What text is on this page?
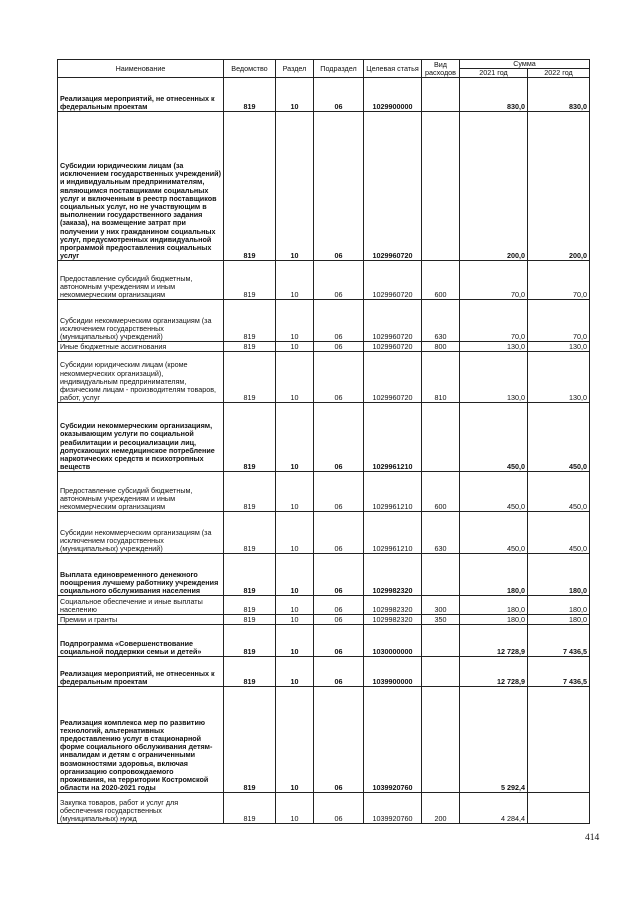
Наименование	Ведомство	Раздел	Подраздел	Целевая статья	Вид расходов	Сумма	
						2021 год	2022 год
Реализация мероприятий, не отнесенных к федеральным проектам	819	10	06	1029900000		830,0	830,0
Субсидии юридическим лицам (за исключением государственных учреждений) и индивидуальным предпринимателям, являющимся поставщиками социальных услуг и включенным в реестр поставщиков социальных услуг, но не участвующим в выполнении государственного задания (заказа), на возмещение затрат при получении у них гражданином социальных услуг, предусмотренных индивидуальной программой предоставления социальных услуг	819	10	06	1029960720		200,0	200,0
Предоставление субсидий бюджетным, автономным учреждениям и иным некоммерческим организациям	819	10	06	1029960720	600	70,0	70,0
Субсидии некоммерческим организациям (за исключением государственных (муниципальных) учреждений)	819	10	06	1029960720	630	70,0	70,0
Иные бюджетные ассигнования	819	10	06	1029960720	800	130,0	130,0
Субсидии юридическим лицам (кроме некоммерческих организаций), индивидуальным предпринимателям, физическим лицам - производителям товаров, работ, услуг	819	10	06	1029960720	810	130,0	130,0
Субсидии некоммерческим организациям, оказывающим услуги по социальной реабилитации и ресоциализации лиц, допускающих немедицинское потребление наркотических средств и психотропных веществ	819	10	06	1029961210		450,0	450,0
Предоставление субсидий бюджетным, автономным учреждениям и иным некоммерческим организациям	819	10	06	1029961210	600	450,0	450,0
Субсидии некоммерческим организациям (за исключением государственных (муниципальных) учреждений)	819	10	06	1029961210	630	450,0	450,0
Выплата единовременного денежного поощрения лучшему работнику учреждения социального обслуживания населения	819	10	06	1029982320		180,0	180,0
Социальное обеспечение и иные выплаты населению	819	10	06	1029982320	300	180,0	180,0
Премии и гранты	819	10	06	1029982320	350	180,0	180,0
Подпрограмма «Совершенствование социальной поддержки семьи и детей»	819	10	06	1030000000		12 728,9	7 436,5
Реализация мероприятий, не отнесенных к федеральным проектам	819	10	06	1039900000		12 728,9	7 436,5
Реализация комплекса мер по развитию технологий, альтернативных предоставлению услуг в стационарной форме социального обслуживания детям-инвалидам и детям с ограниченными возможностями здоровья, включая организацию сопровождаемого проживания, на территории Костромской области на 2020-2021 годы	819	10	06	1039920760		5 292,4	
Закупка товаров, работ и услуг для обеспечения государственных (муниципальных) нужд	819	10	06	1039920760	200	4 284,4	
414
